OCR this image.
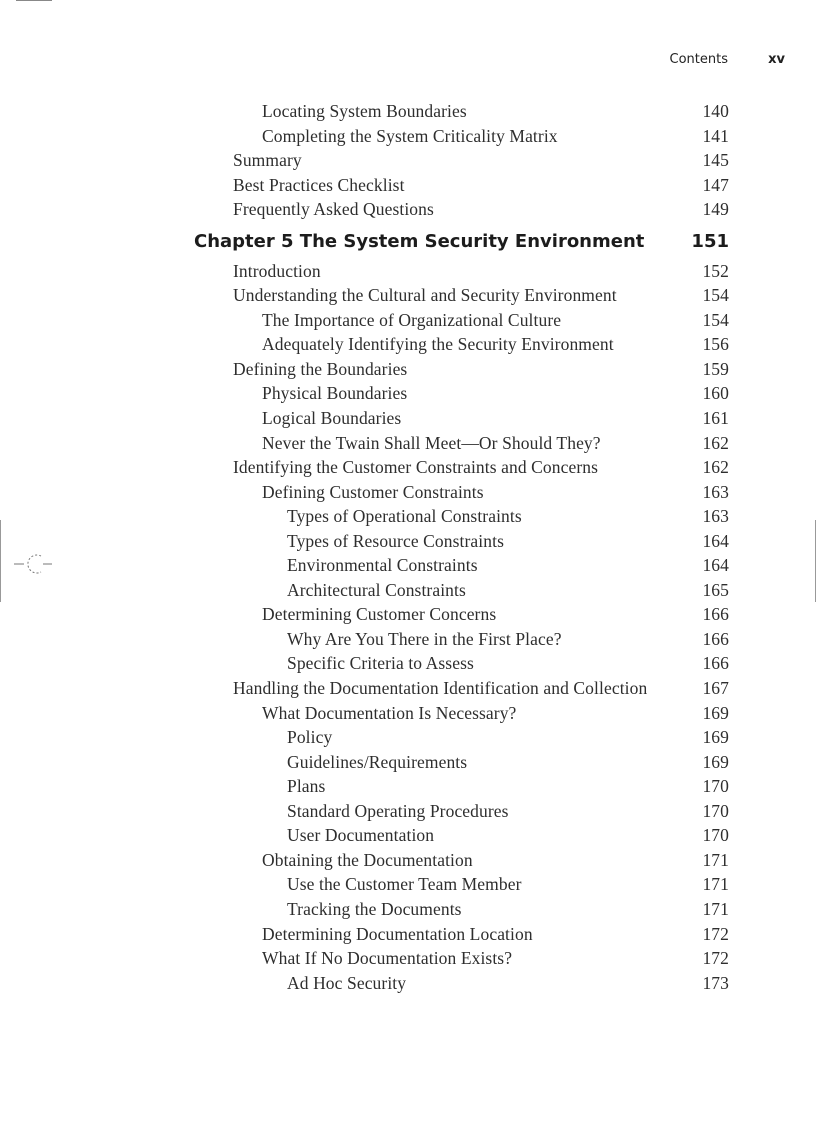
Contents	xv
Locating System Boundaries	140
Completing the System Criticality Matrix	141
Summary	145
Best Practices Checklist	147
Frequently Asked Questions	149
Chapter 5 The System Security Environment	151
Introduction	152
Understanding the Cultural and Security Environment	154
The Importance of Organizational Culture	154
Adequately Identifying the Security Environment	156
Defining the Boundaries	159
Physical Boundaries	160
Logical Boundaries	161
Never the Twain Shall Meet—Or Should They?	162
Identifying the Customer Constraints and Concerns	162
Defining Customer Constraints	163
Types of Operational Constraints	163
Types of Resource Constraints	164
Environmental Constraints	164
Architectural Constraints	165
Determining Customer Concerns	166
Why Are You There in the First Place?	166
Specific Criteria to Assess	166
Handling the Documentation Identification and Collection	167
What Documentation Is Necessary?	169
Policy	169
Guidelines/Requirements	169
Plans	170
Standard Operating Procedures	170
User Documentation	170
Obtaining the Documentation	171
Use the Customer Team Member	171
Tracking the Documents	171
Determining Documentation Location	172
What If No Documentation Exists?	172
Ad Hoc Security	173
